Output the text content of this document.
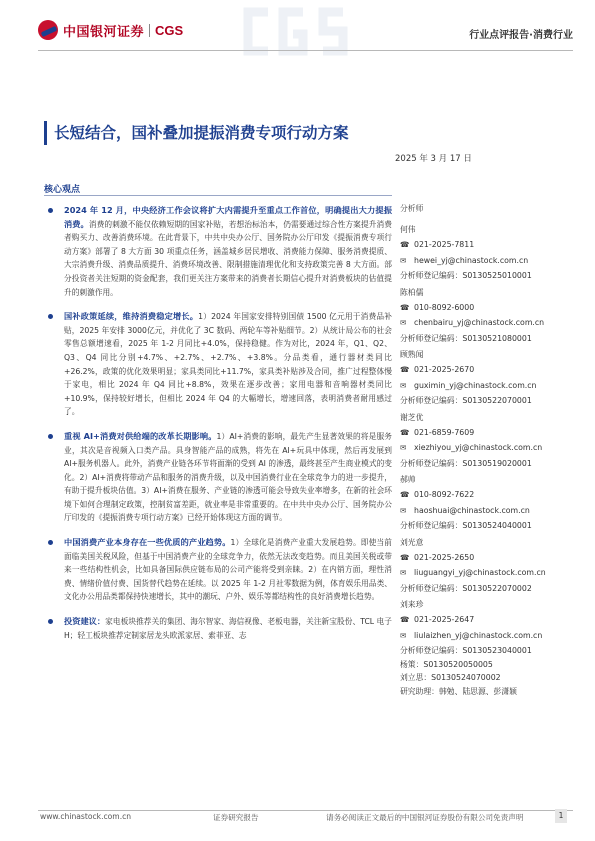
中国银河证券 CGS	行业点评报告·消费行业
长短结合，国补叠加提振消费专项行动方案
2025 年 3 月 17 日
核心观点
2024 年 12 月，中央经济工作会议将扩大内需提升至重点工作首位，明确提出大力提振消费。消费的刺激不能仅依赖短期的国家补贴，若想治标治本，仍需要通过综合性方案提升消费者购买力、改善消费环境。在此背景下，中共中央办公厅、国务院办公厅印发《提振消费专项行动方案》部署了 8 大方面 30 项重点任务，涵盖城乡居民增收、消费能力保障、服务消费提质、大宗消费升级、消费品质提升、消费环境改善、限制措施清理优化和支持政策完善 8 大方面。部分投资者关注短期的资金配套，我们更关注方案带来的消费者长期信心提升对消费板块的估值提升的刺激作用。
国补政策延续，维持消费稳定增长。1）2024 年国家安排特别国债 1500 亿元用于消费品补贴，2025 年安排 3000亿元，并优化了 3C 数码、两轮车等补贴细节。2）从统计局公布的社会零售总额增速看，2025 年 1-2 月同比+4.0%，保持稳健。作为对比，2024 年，Q1、Q2、Q3、Q4 同比分别+4.7%、+2.7%、+2.7%、+3.8%。分品类看，通行器材类同比+26.2%，政策的优化效果明显；家具类同比+11.7%，家具类补贴涉及合同，推广过程整体慢于家电，相比 2024 年 Q4 同比+8.8%，效果在逐步改善；家用电器和音响器材类同比+10.9%，保持较好增长，但相比 2024 年 Q4 的大幅增长，增速回落，表明消费者耐用感过了。
重视 AI+消费对供给端的改革长期影响。1）AI+消费的影响，最先产生显著效果的将是服务业，其次是音视频入口类产品。具身智能产品的成熟，将先在 AI+玩具中体现，然后再发展到 AI+服务机器人。此外，消费产业链各环节将面渐的受到 AI 的渗透，最终甚至产生商业模式的变化。2）AI+消费将带动产品和服务的消费升级，以及中国消费行业在全球竞争力的进一步提升，有助于提升板块估值。3）AI+消费在服务、产业链的渗透可能会导致失业率增多，在新的社会环境下如何合理制定政策，控制贫富差距，就业率是非常重要的。在中共中央办公厅、国务院办公厅印发的《提振消费专项行动方案》已经开始体现这方面的调节。
中国消费产业本身存在一些优质的产业趋势。1）全球化是消费产业重大发展趋势。即使当前面临美国关税风险，但基于中国消费产业的全球竞争力，依然无法改变趋势。而且美国关税或带来一些结构性机会，比如具备国际供应链布局的公司产能将受到亲睐。2）在内销方面，理性消费、情绪价值付费、国货替代趋势在延续。以 2025 年 1-2 月社零数据为例，体育娱乐用品类、文化办公用品类都保持快速增长，其中的潮玩、户外、娱乐等都结构性的良好消费增长趋势。
投资建议：家电板块推荐关的集团、海尔智家、海信视像、老板电器，关注新宝股份、TCL 电子 H；轻工板块推荐定制家居龙头欧派家居、索菲亚、志
分析师
何伟
☎ 021-2025-7811
✉ hewei_yj@chinastock.com.cn
分析师登记编码：S0130525010001
陈柏儒
☎ 010-8092-6000
✉ chenbairu_yj@chinastock.com.cn
分析师登记编码：S0130521080001
顾熟闻
☎ 021-2025-2670
✉ guximin_yj@chinastock.com.cn
分析师登记编码：S0130522070001
谢芝优
☎ 021-6859-7609
✉ xiezhiyou_yj@chinastock.com.cn
分析师登记编码：S0130519020001
郝帅
☎ 010-8092-7622
✉ haoshuai@chinastock.com.cn
分析师登记编码：S0130524040001
刘光意
☎ 021-2025-2650
✉ liuguangyi_yj@chinastock.com.cn
分析师登记编码：S0130522070002
刘来珍
☎ 021-2025-2647
✉ liulaizhen_yj@chinastock.com.cn
分析师登记编码：S0130523040001
杨策：S0130520050005
刘立思：S0130524070002
研究助理：韩勉、陆思源、彭潇颖
www.chinastock.com.cn	证券研究报告	请务必阅读正文最后的中国银河证券股份有限公司免责声明	1
